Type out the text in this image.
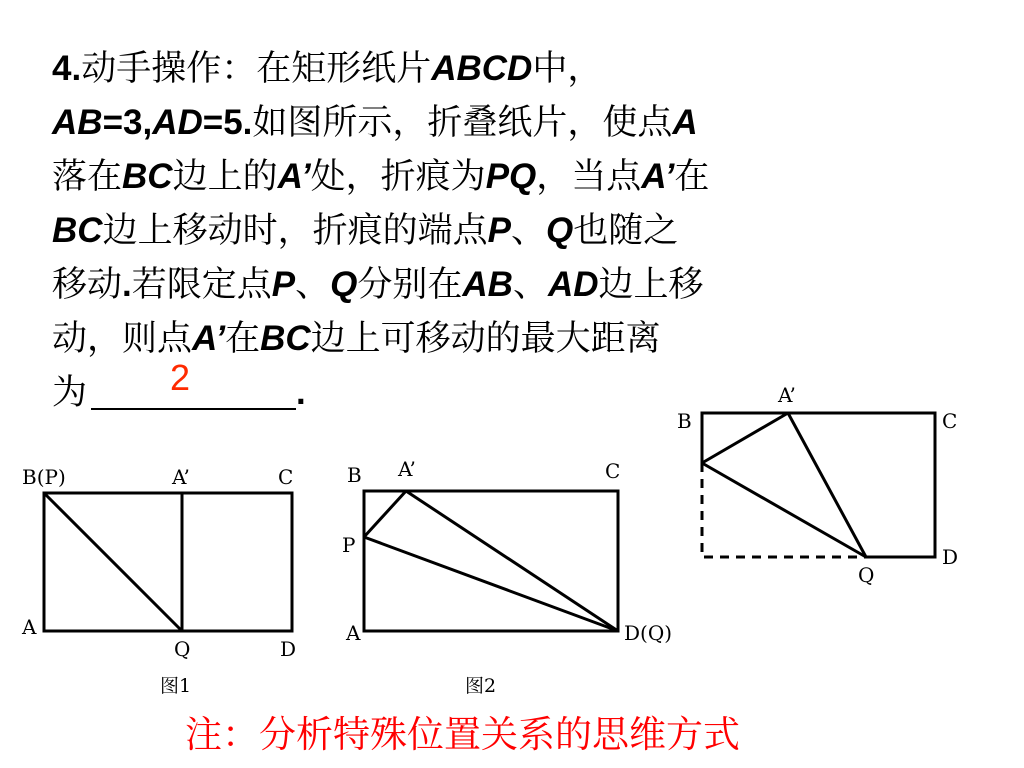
4.动手操作：在矩形纸片ABCD中，
AB=3,AD=5.如图所示，折叠纸片，使点A
落在BC边上的A’处，折痕为PQ，当点A’在
BC边上移动时，折痕的端点P、Q也随之
移动.若限定点P、Q分别在AB、AD边上移
动，则点A’在BC边上可移动的最大距离
为	.
2
B(P)	A’	C
A
Q	D
图1
B A’	C
P
A	D(Q)
图2
B
A’
C
Q
D
注：分析特殊位置关系的思维方式
